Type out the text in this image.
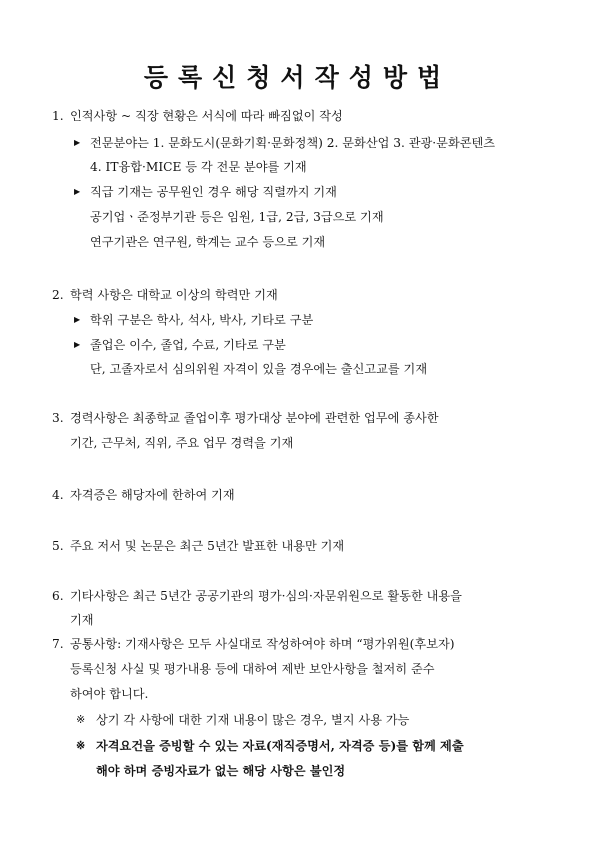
등록신청서작성방법
1. 인적사항 ~ 직장 현황은 서식에 따라 빠짐없이 작성
▶ 전문분야는 1. 문화도시(문화기획·문화정책) 2. 문화산업 3. 관광·문화콘텐츠
4. IT융합·MICE 등 각 전문 분야를 기재
▶ 직급 기재는 공무원인 경우 해당 직렬까지 기재
공기업ㆍ준정부기관 등은 임원, 1급, 2급, 3급으로 기재
연구기관은 연구원, 학계는 교수 등으로 기재
2. 학력 사항은 대학교 이상의 학력만 기재
▶ 학위 구분은 학사, 석사, 박사, 기타로 구분
▶ 졸업은 이수, 졸업, 수료, 기타로 구분
단, 고졸자로서 심의위원 자격이 있을 경우에는 출신고교를 기재
3. 경력사항은 최종학교 졸업이후 평가대상 분야에 관련한 업무에 종사한
기간, 근무처, 직위, 주요 업무 경력을 기재
4. 자격증은 해당자에 한하여 기재
5. 주요 저서 및 논문은 최근 5년간 발표한 내용만 기재
6. 기타사항은 최근 5년간 공공기관의 평가·심의·자문위원으로 활동한 내용을
기재
7. 공통사항: 기재사항은 모두 사실대로 작성하여야 하며 “평가위원(후보자)
등록신청 사실 및 평가내용 등에 대하여 제반 보안사항을 철저히 준수
하여야 합니다.
※ 상기 각 사항에 대한 기재 내용이 많은 경우, 별지 사용 가능
※ 자격요건을 증빙할 수 있는 자료(재직증명서, 자격증 등)를 함께 제출
해야 하며 증빙자료가 없는 해당 사항은 불인정
